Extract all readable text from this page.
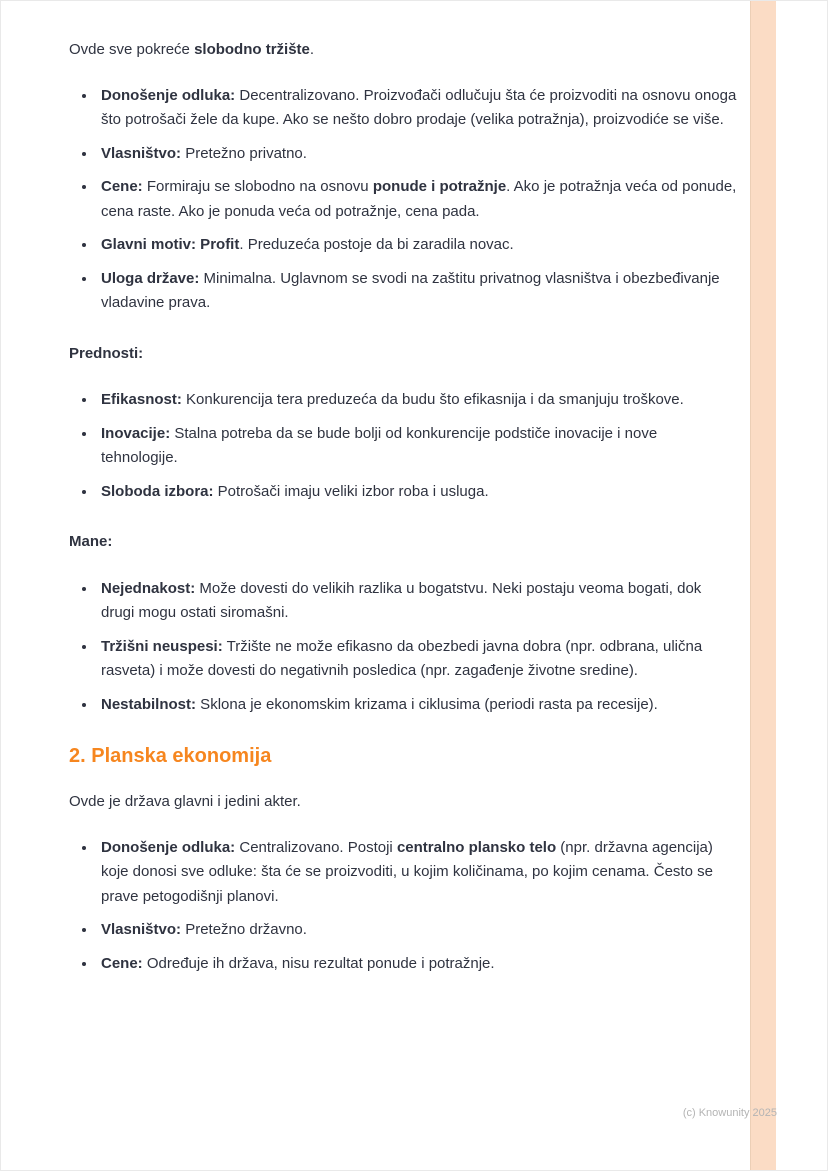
Ovde sve pokreće slobodno tržište.

• Donošenje odluka: Decentralizovano. Proizvođači odlučuju šta će proizvoditi na osnovu onoga što potrošači žele da kupe. Ako se nešto dobro prodaje (velika potražnja), proizvodiće se više.
• Vlasništvo: Pretežno privatno.
• Cene: Formiraju se slobodno na osnovu ponude i potražnje. Ako je potražnja veća od ponude, cena raste. Ako je ponuda veća od potražnje, cena pada.
• Glavni motiv: Profit. Preduzeća postoje da bi zaradila novac.
• Uloga države: Minimalna. Uglavnom se svodi na zaštitu privatnog vlasništva i obezbeđivanje vladavine prava.

Prednosti:

• Efikasnost: Konkurencija tera preduzeća da budu što efikasnija i da smanjuju troškove.
• Inovacije: Stalna potreba da se bude bolji od konkurencije podstiče inovacije i nove tehnologije.
• Sloboda izbora: Potrošači imaju veliki izbor roba i usluga.

Mane:

• Nejednakost: Može dovesti do velikih razlika u bogatstvu. Neki postaju veoma bogati, dok drugi mogu ostati siromašni.
• Tržišni neuspesi: Tržište ne može efikasno da obezbedi javna dobra (npr. odbrana, ulična rasveta) i može dovesti do negativnih posledica (npr. zagađenje životne sredine).
• Nestabilnost: Sklona je ekonomskim krizama i ciklusima (periodi rasta pa recesije).
2. Planska ekonomija

Ovde je država glavni i jedini akter.

• Donošenje odluka: Centralizovano. Postoji centralno plansko telo (npr. državna agencija) koje donosi sve odluke: šta će se proizvoditi, u kojim količinama, po kojim cenama. Često se prave petogodišnji planovi.
• Vlasništvo: Pretežno državno.
• Cene: Određuje ih država, nisu rezultat ponude i potražnje.
(c) Knowunity 2025
